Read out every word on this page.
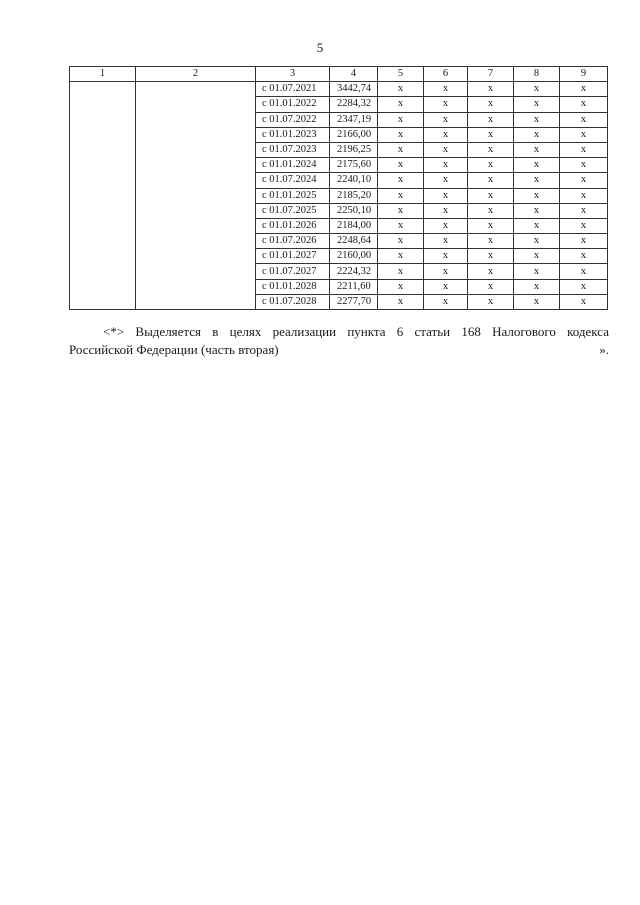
5
1	2	3	4	5	6	7	8	9
		с 01.07.2021	3442,74	х	х	х	х	х
		с 01.01.2022	2284,32	х	х	х	х	х
		с 01.07.2022	2347,19	х	х	х	х	х
		с 01.01.2023	2166,00	х	х	х	х	х
		с 01.07.2023	2196,25	х	х	х	х	х
		с 01.01.2024	2175,60	х	х	х	х	х
		с 01.07.2024	2240,10	х	х	х	х	х
		с 01.01.2025	2185,20	х	х	х	х	х
		с 01.07.2025	2250,10	х	х	х	х	х
		с 01.01.2026	2184,00	х	х	х	х	х
		с 01.07.2026	2248,64	х	х	х	х	х
		с 01.01.2027	2160,00	х	х	х	х	х
		с 01.07.2027	2224,32	х	х	х	х	х
		с 01.01.2028	2211,60	х	х	х	х	х
		с 01.07.2028	2277,70	х	х	х	х	х
<*> Выделяется в целях реализации пункта 6 статьи 168 Налогового кодекса
Российской Федерации (часть вторая)	».
